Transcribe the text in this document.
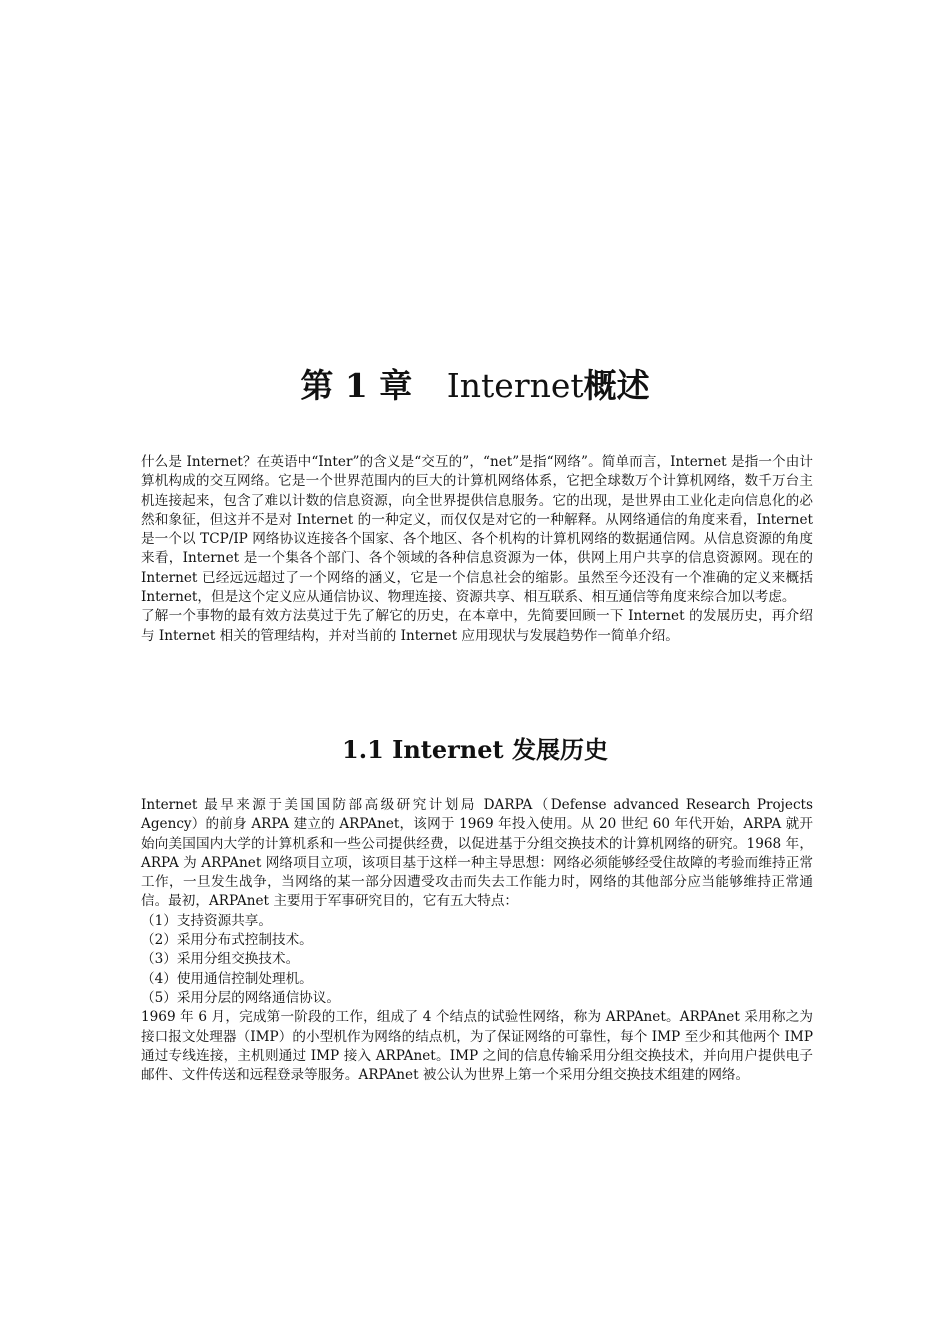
第 1 章 Internet概述

什么是 Internet？在英语中“Inter”的含义是“交互的”，“net”是指“网络”。简单而言，Internet 是指一个由计算机构成的交互网络。它是一个世界范围内的巨大的计算机网络体系，它把全球数万个计算机网络，数千万台主机连接起来，包含了难以计数的信息资源，向全世界提供信息服务。它的出现，是世界由工业化走向信息化的必然和象征，但这并不是对 Internet 的一种定义，而仅仅是对它的一种解释。从网络通信的角度来看，Internet 是一个以 TCP/IP 网络协议连接各个国家、各个地区、各个机构的计算机网络的数据通信网。从信息资源的角度来看，Internet 是一个集各个部门、各个领域的各种信息资源为一体，供网上用户共享的信息资源网。现在的 Internet 已经远远超过了一个网络的涵义，它是一个信息社会的缩影。虽然至今还没有一个准确的定义来概括 Internet，但是这个定义应从通信协议、物理连接、资源共享、相互联系、相互通信等角度来综合加以考虑。

了解一个事物的最有效方法莫过于先了解它的历史，在本章中，先简要回顾一下 Internet 的发展历史，再介绍与 Internet 相关的管理结构，并对当前的 Internet 应用现状与发展趋势作一简单介绍。

1.1 Internet 发展历史

Internet 最早来源于美国国防部高级研究计划局 DARPA（Defense advanced Research Projects Agency）的前身 ARPA 建立的 ARPAnet，该网于 1969 年投入使用。从 20 世纪 60 年代开始，ARPA 就开始向美国国内大学的计算机系和一些公司提供经费，以促进基于分组交换技术的计算机网络的研究。1968 年，ARPA 为 ARPAnet 网络项目立项，该项目基于这样一种主导思想：网络必须能够经受住故障的考验而维持正常工作，一旦发生战争，当网络的某一部分因遭受攻击而失去工作能力时，网络的其他部分应当能够维持正常通信。最初，ARPAnet 主要用于军事研究目的，它有五大特点：

（1）支持资源共享。

（2）采用分布式控制技术。

（3）采用分组交换技术。

（4）使用通信控制处理机。

（5）采用分层的网络通信协议。

1969 年 6 月，完成第一阶段的工作，组成了 4 个结点的试验性网络，称为 ARPAnet。ARPAnet 采用称之为接口报文处理器（IMP）的小型机作为网络的结点机，为了保证网络的可靠性，每个 IMP 至少和其他两个 IMP 通过专线连接，主机则通过 IMP 接入 ARPAnet。IMP 之间的信息传输采用分组交换技术，并向用户提供电子邮件、文件传送和远程登录等服务。ARPAnet 被公认为世界上第一个采用分组交换技术组建的网络。
